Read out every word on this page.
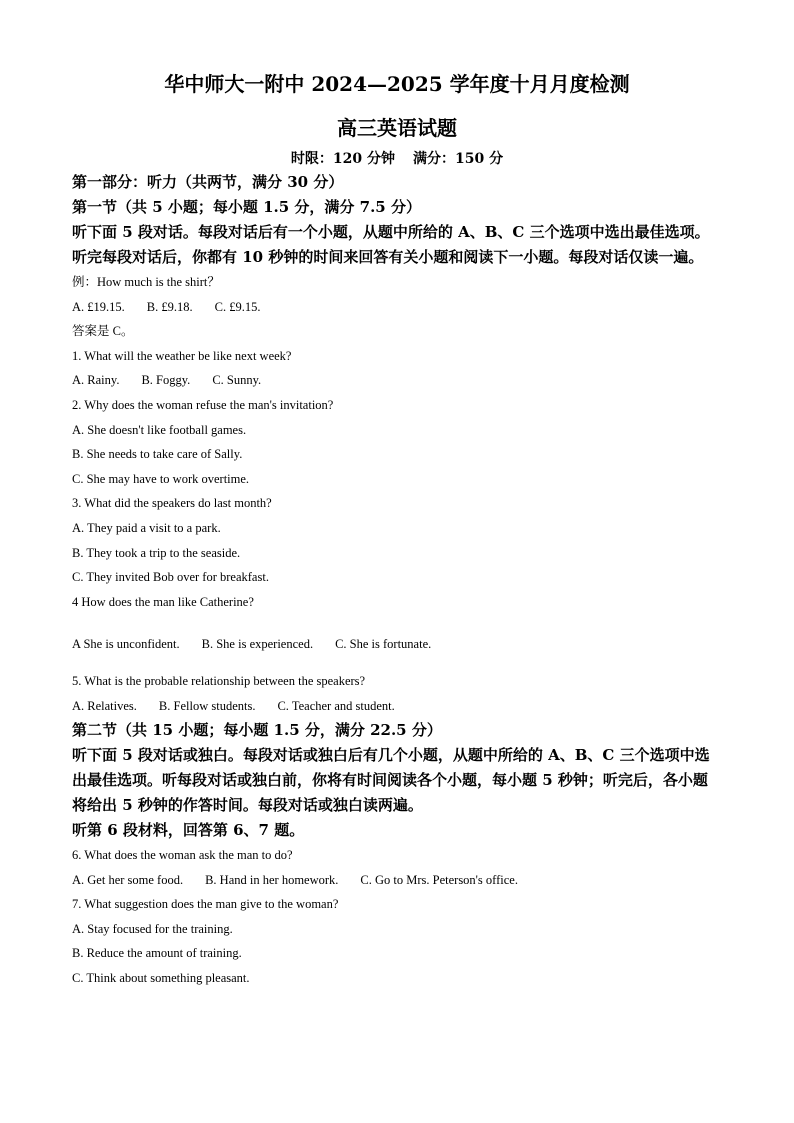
华中师大一附中 2024—2025 学年度十月月度检测
高三英语试题
时限：120 分钟 满分：150 分
第一部分：听力（共两节，满分 30 分）
第一节（共 5 小题；每小题 1.5 分，满分 7.5 分）
听下面 5 段对话。每段对话后有一个小题，从题中所给的 A、B、C 三个选项中选出最佳选项。听完每段对话后，你都有 10 秒钟的时间来回答有关小题和阅读下一小题。每段对话仅读一遍。
例：How much is the shirt？
A. £19.15. B. £9.18. C. £9.15.
答案是 C。
1. What will the weather be like next week?
A. Rainy. B. Foggy. C. Sunny.
2. Why does the woman refuse the man's invitation?
A. She doesn't like football games.
B. She needs to take care of Sally.
C. She may have to work overtime.
3. What did the speakers do last month?
A. They paid a visit to a park.
B. They took a trip to the seaside.
C. They invited Bob over for breakfast.
4 How does the man like Catherine?
A She is unconfident. B. She is experienced. C. She is fortunate.
5. What is the probable relationship between the speakers?
A. Relatives. B. Fellow students. C. Teacher and student.
第二节（共 15 小题；每小题 1.5 分，满分 22.5 分）
听下面 5 段对话或独白。每段对话或独白后有几个小题，从题中所给的 A、B、C 三个选项中选出最佳选项。听每段对话或独白前，你将有时间阅读各个小题，每小题 5 秒钟；听完后，各小题将给出 5 秒钟的作答时间。每段对话或独白读两遍。
听第 6 段材料，回答第 6、7 题。
6. What does the woman ask the man to do?
A. Get her some food. B. Hand in her homework. C. Go to Mrs. Peterson's office.
7. What suggestion does the man give to the woman?
A. Stay focused for the training.
B. Reduce the amount of training.
C. Think about something pleasant.
